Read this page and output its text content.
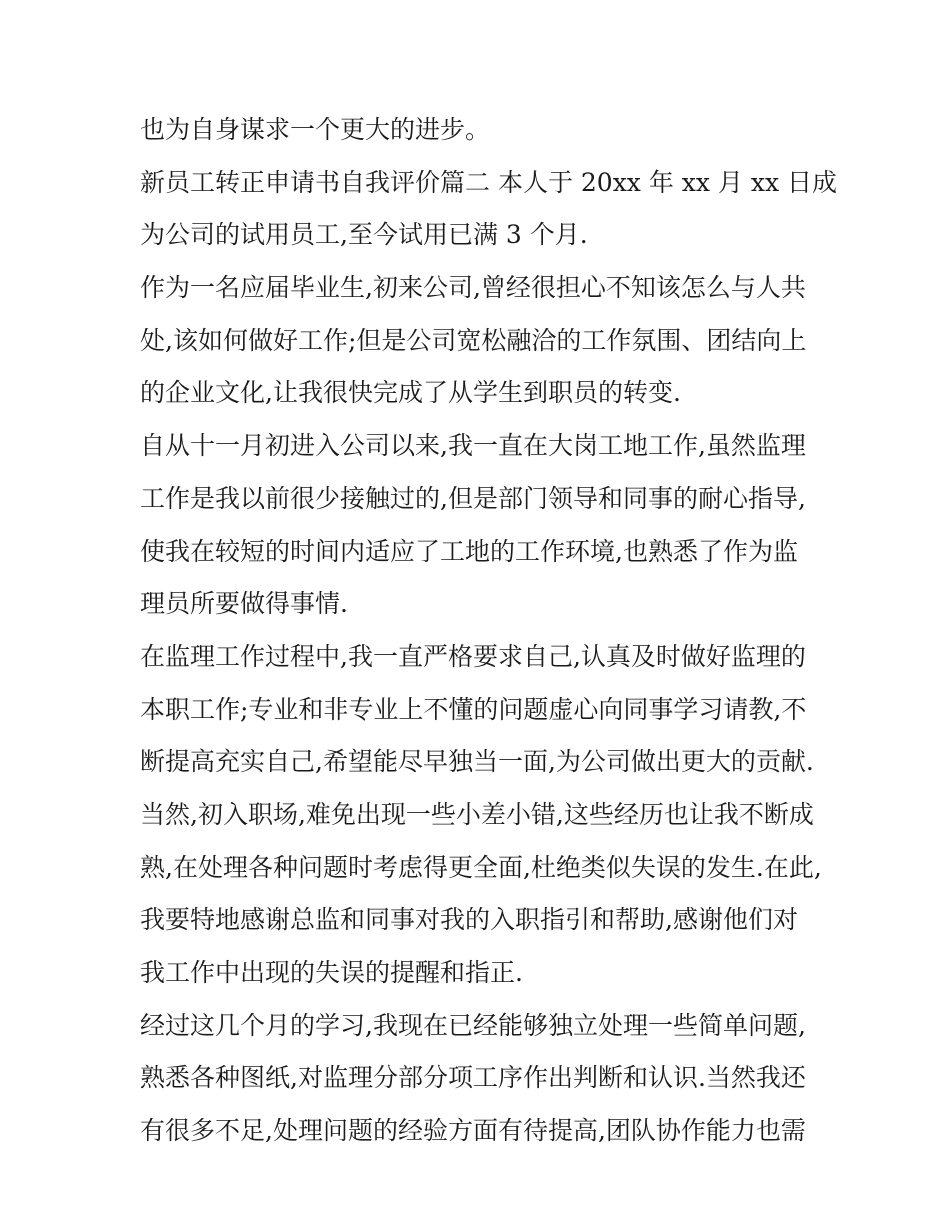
也为自身谋求一个更大的进步。
新员工转正申请书自我评价篇二 本人于 20xx 年 xx 月 xx 日成
为公司的试用员工,至今试用已满 3 个月.
作为一名应届毕业生,初来公司,曾经很担心不知该怎么与人共
处,该如何做好工作;但是公司宽松融洽的工作氛围、团结向上
的企业文化,让我很快完成了从学生到职员的转变.
自从十一月初进入公司以来,我一直在大岗工地工作,虽然监理
工作是我以前很少接触过的,但是部门领导和同事的耐心指导,
使我在较短的时间内适应了工地的工作环境,也熟悉了作为监
理员所要做得事情.
在监理工作过程中,我一直严格要求自己,认真及时做好监理的
本职工作;专业和非专业上不懂的问题虚心向同事学习请教,不
断提高充实自己,希望能尽早独当一面,为公司做出更大的贡献.
当然,初入职场,难免出现一些小差小错,这些经历也让我不断成
熟,在处理各种问题时考虑得更全面,杜绝类似失误的发生.在此,
我要特地感谢总监和同事对我的入职指引和帮助,感谢他们对
我工作中出现的失误的提醒和指正.
经过这几个月的学习,我现在已经能够独立处理一些简单问题,
熟悉各种图纸,对监理分部分项工序作出判断和认识.当然我还
有很多不足,处理问题的经验方面有待提高,团队协作能力也需
